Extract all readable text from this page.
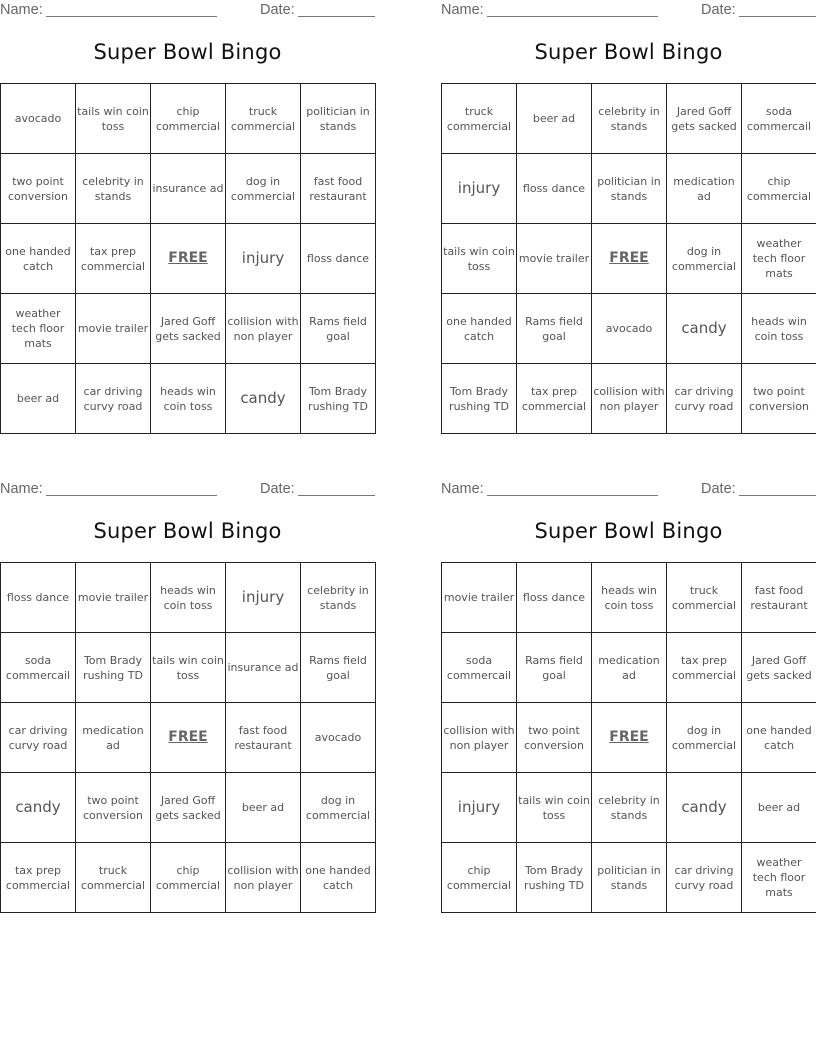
Name:	Date:
Super Bowl Bingo
avocado	tails win coin toss	chip commercial	truck commercial	politician in stands
two point conversion	celebrity in stands	insurance ad	dog in commercial	fast food restaurant
one handed catch	tax prep commercial	FREE	injury	floss dance
weather tech floor mats	movie trailer	Jared Goff gets sacked	collision with non player	Rams field goal
beer ad	car driving curvy road	heads win coin toss	candy	Tom Brady rushing TD
Name:	Date:
Super Bowl Bingo
truck commercial	beer ad	celebrity in stands	Jared Goff gets sacked	soda commercail
injury	floss dance	politician in stands	medication ad	chip commercial
tails win coin toss	movie trailer	FREE	dog in commercial	weather tech floor mats
one handed catch	Rams field goal	avocado	candy	heads win coin toss
Tom Brady rushing TD	tax prep commercial	collision with non player	car driving curvy road	two point conversion
Name:	Date:
Super Bowl Bingo
floss dance	movie trailer	heads win coin toss	injury	celebrity in stands
soda commercail	Tom Brady rushing TD	tails win coin toss	insurance ad	Rams field goal
car driving curvy road	medication ad	FREE	fast food restaurant	avocado
candy	two point conversion	Jared Goff gets sacked	beer ad	dog in commercial
tax prep commercial	truck commercial	chip commercial	collision with non player	one handed catch
Name:	Date:
Super Bowl Bingo
movie trailer	floss dance	heads win coin toss	truck commercial	fast food restaurant
soda commercail	Rams field goal	medication ad	tax prep commercial	Jared Goff gets sacked
collision with non player	two point conversion	FREE	dog in commercial	one handed catch
injury	tails win coin toss	celebrity in stands	candy	beer ad
chip commercial	Tom Brady rushing TD	politician in stands	car driving curvy road	weather tech floor mats
